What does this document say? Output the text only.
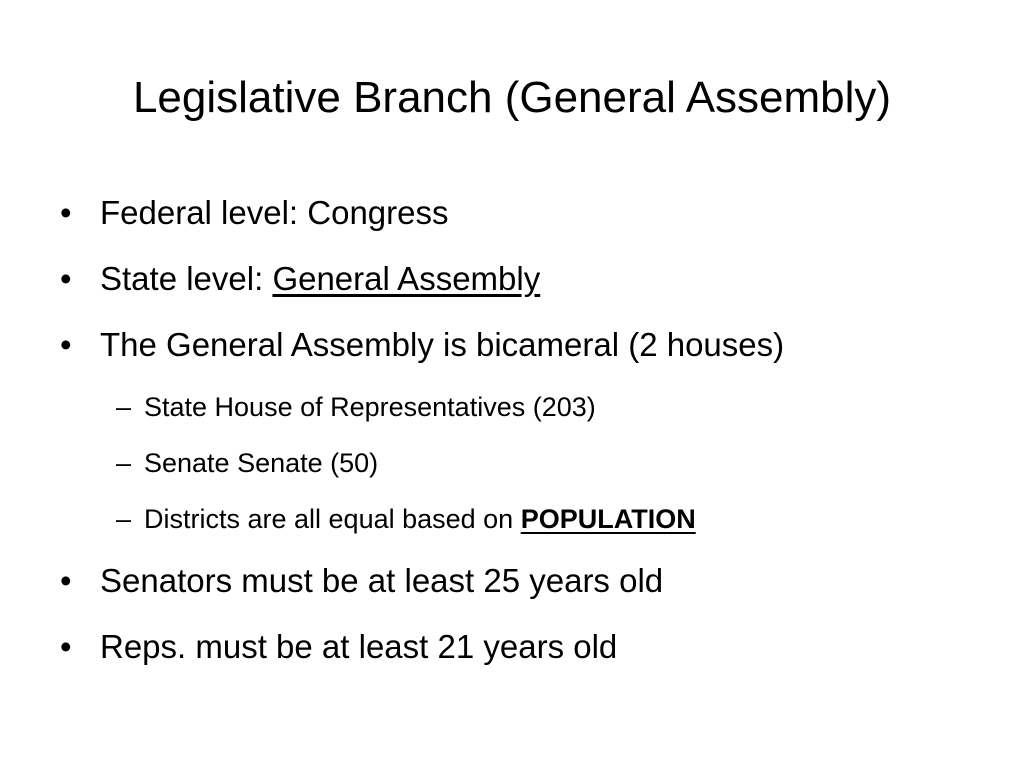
Legislative Branch (General Assembly)
• Federal level: Congress
• State level: General Assembly
• The General Assembly is bicameral (2 houses)
– State House of Representatives (203)
– Senate Senate (50)
– Districts are all equal based on POPULATION
• Senators must be at least 25 years old
• Reps. must be at least 21 years old
